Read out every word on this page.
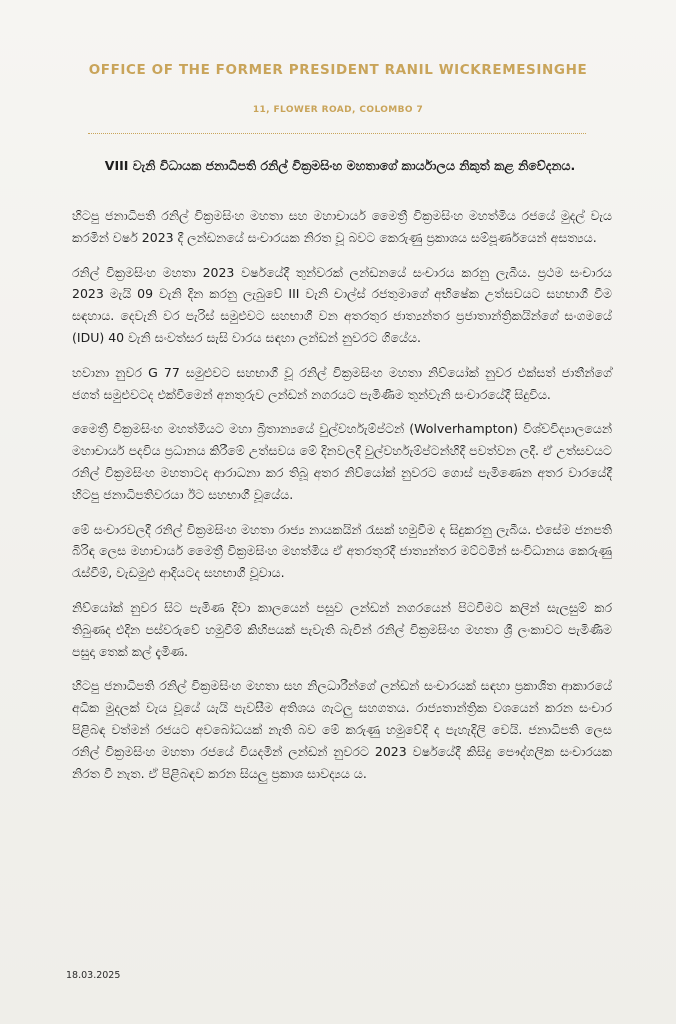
OFFICE OF THE FORMER PRESIDENT RANIL WICKREMESINGHE
11, FLOWER ROAD, COLOMBO 7
VIII වැනි විධායක ජනාධිපති රනිල් වික්‍රමසිංහ මහතාගේ කාර්යාලය නිකුත් කළ නිවේදනය.

හිටපු ජනාධිපති රනිල් වික්‍රමසිංහ මහතා සහ මහාචාර්ය මෛත්‍රී වික්‍රමසිංහ මහත්මිය රජයේ මුදල් වැය කරමින් වර්ෂ 2023 දී ලන්ඩනයේ සංචාරයක නිරත වූ බවට කෙරුණු ප්‍රකාශය සම්පූර්ණයෙන් අසත්‍යය.

රනිල් වික්‍රමසිංහ මහතා 2023 වර්ෂයේදී තුන්වරක් ලන්ඩනයේ සංචාරය කරනු ලැබීය. ප්‍රථම සංචාරය 2023 මැයි 09 වැනි දින කරනු ලැබුවේ III වැනි චාල්ස් රජතුමාගේ අභිෂේක උත්සවයට සහභාගී වීම සඳහාය. දෙවැනි වර පැරිස් සමුළුවට සහභාගී වන අතරතුර ජාත්‍යන්තර ප්‍රජාතාන්ත්‍රිකයින්ගේ සංගමයේ (IDU) 40 වැනි සංවත්සර සැසි වාරය සඳහා ලන්ඩන් නුවරට ගියේය.

හවානා නුවර G 77 සමුළුවට සහභාගී වූ රනිල් වික්‍රමසිංහ මහතා නිව්යෝක් නුවර එක්සත් ජාතීන්ගේ ජගත් සමුළුවටද එක්වීමෙන් අනතුරුව ලන්ඩන් නගරයට පැමිණීම තුන්වැනි සංචාරයේදී සිදුවිය.

මෛත්‍රී වික්‍රමසිංහ මහත්මියට මහා බ්‍රිතාන්‍යයේ වුල්වර්හැම්ප්ටන් (Wolverhampton) විශ්වවිද්‍යාලයෙන් මහාචාර්ය පදවිය ප්‍රධානය කිරීමේ උත්සවය මේ දිනවලදී වුල්වර්හැම්ප්ටන්හිදී පවත්වන ලදී. ඒ උත්සවයට රනිල් වික්‍රමසිංහ මහතාටද ආරාධනා කර තිබූ අතර නිව්යෝක් නුවරට ගොස් පැමිණෙන අතර වාරයේදී හිටපු ජනාධිපතිවරයා ඊට සහභාගී වූයේය.

මේ සංචාරවලදී රනිල් වික්‍රමසිංහ මහතා රාජ්‍ය නායකයින් රැසක් හමුවීම ද සිදුකරනු ලැබීය. එසේම ජනපති බිරිඳ ලෙස මහාචාර්ය මෛත්‍රී වික්‍රමසිංහ මහත්මිය ඒ අතරතුරදී ජාත්‍යන්තර මට්ටමින් සංවිධානය කෙරුණු රැස්වීම්, වැඩමුළු ආදියටද සහභාගී වූවාය.

නිව්යෝක් නුවර සිට පැමිණ දිවා කාලයෙන් පසුව ලන්ඩන් නගරයෙන් පිටවීමට කලින් සැලසුම් කර තිබුණද එදින පස්වරුවේ හමුවීම් කිහිපයක් පැවැති බැවින් රනිල් වික්‍රමසිංහ මහතා ශ්‍රී ලංකාවට පැමිණීම පසුදා තෙක් කල් දැමිණ.

හිටපු ජනාධිපති රනිල් වික්‍රමසිංහ මහතා සහ නිලධාරීන්ගේ ලන්ඩන් සංචාරයක් සඳහා ප්‍රකාශිත ආකාරයේ අධික මුදලක් වැය වූයේ යැයි පැවසීම අතිශය ගැටලු සහගතය. රාජ්‍යතාන්ත්‍රික වශයෙන් කරන සංචාර පිළිබඳ වත්මන් රජයට අවබෝධයක් නැති බව මේ කරුණු හමුවේදී ද පැහැදිලි වෙයි. ජනාධිපති ලෙස රනිල් වික්‍රමසිංහ මහතා රජයේ වියදමින් ලන්ඩන් නුවරට 2023 වර්ෂයේදී කිසිදු පෞද්ගලික සංචාරයක නිරත වී නැත. ඒ පිළිබඳව කරන සියලු ප්‍රකාශ සාවද්‍යය ය.

18.03.2025
